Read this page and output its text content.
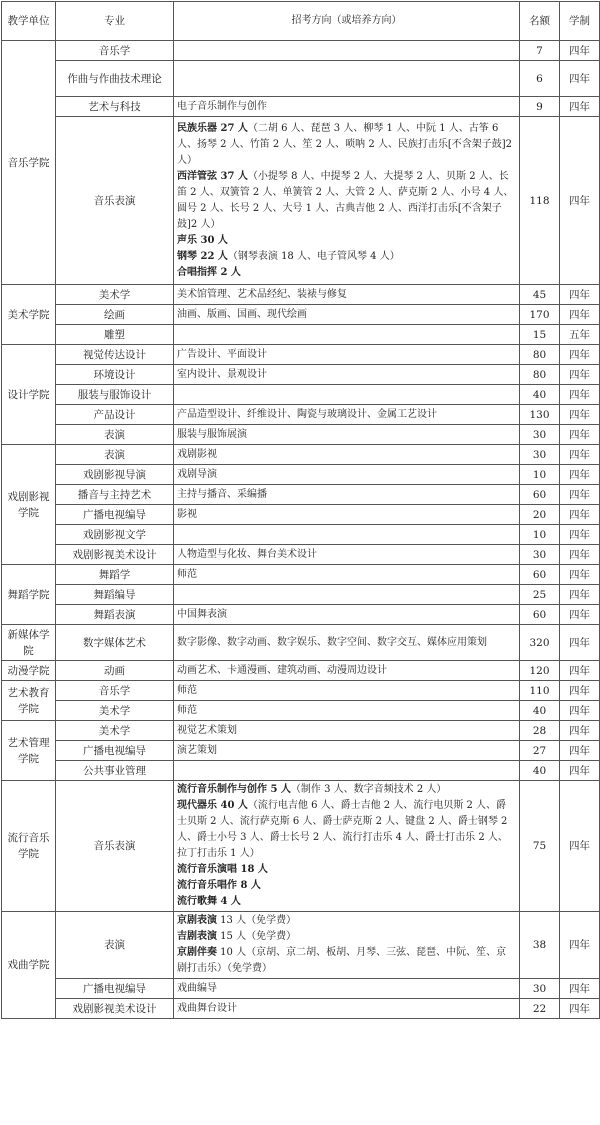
教学单位	专业	招考方向（或培养方向）	名额	学制
音乐学院	音乐学		7	四年
	作曲与作曲技术理论		6	四年
	艺术与科技	电子音乐制作与创作	9	四年
	音乐表演	民族乐器 27 人（二胡 6 人、琵琶 3 人、柳琴 1 人、中阮 1 人、古筝 6 人、扬琴 2 人、竹笛 2 人、笙 2 人、唢呐 2 人、民族打击乐[不含架子鼓]2 人）
西洋管弦 37 人（小提琴 8 人、中提琴 2 人、大提琴 2 人、贝斯 2 人、长笛 2 人、双簧管 2 人、单簧管 2 人、大管 2 人、萨克斯 2 人、小号 4 人、圆号 2 人、长号 2 人、大号 1 人、古典吉他 2 人、西洋打击乐[不含架子鼓]2 人）
声乐 30 人
钢琴 22 人（钢琴表演 18 人、电子管风琴 4 人）
合唱指挥 2 人	118	四年
美术学院	美术学	美术馆管理、艺术品经纪、装裱与修复	45	四年
	绘画	油画、版画、国画、现代绘画	170	四年
	雕塑		15	五年
设计学院	视觉传达设计	广告设计、平面设计	80	四年
	环境设计	室内设计、景观设计	80	四年
	服装与服饰设计		40	四年
	产品设计	产品造型设计、纤维设计、陶瓷与玻璃设计、金属工艺设计	130	四年
	表演	服装与服饰展演	30	四年
戏剧影视学院	表演	戏剧影视	30	四年
	戏剧影视导演	戏剧导演	10	四年
	播音与主持艺术	主持与播音、采编播	60	四年
	广播电视编导	影视	20	四年
	戏剧影视文学		10	四年
	戏剧影视美术设计	人物造型与化妆、舞台美术设计	30	四年
舞蹈学院	舞蹈学	师范	60	四年
	舞蹈编导		25	四年
	舞蹈表演	中国舞表演	60	四年
新媒体学院	数字媒体艺术	数字影像、数字动画、数字娱乐、数字空间、数字交互、媒体应用策划	320	四年
动漫学院	动画	动画艺术、卡通漫画、建筑动画、动漫周边设计	120	四年
艺术教育学院	音乐学	师范	110	四年
	美术学	师范	40	四年
艺术管理学院	美术学	视觉艺术策划	28	四年
	广播电视编导	演艺策划	27	四年
	公共事业管理		40	四年
流行音乐学院	音乐表演	流行音乐制作与创作 5 人（制作 3 人、数字音频技术 2 人）
现代器乐 40 人（流行电吉他 6 人、爵士吉他 2 人、流行电贝斯 2 人、爵士贝斯 2 人、流行萨克斯 6 人、爵士萨克斯 2 人、键盘 2 人、爵士钢琴 2 人、爵士小号 3 人、爵士长号 2 人、流行打击乐 4 人、爵士打击乐 2 人、拉丁打击乐 1 人）
流行音乐演唱 18 人
流行音乐唱作 8 人
流行歌舞 4 人	75	四年
戏曲学院	表演	京剧表演 13 人（免学费）
吉剧表演 15 人（免学费）
京剧伴奏 10 人（京胡、京二胡、板胡、月琴、三弦、琵琶、中阮、笙、京剧打击乐）（免学费）	38	四年
	广播电视编导	戏曲编导	30	四年
	戏剧影视美术设计	戏曲舞台设计	22	四年
